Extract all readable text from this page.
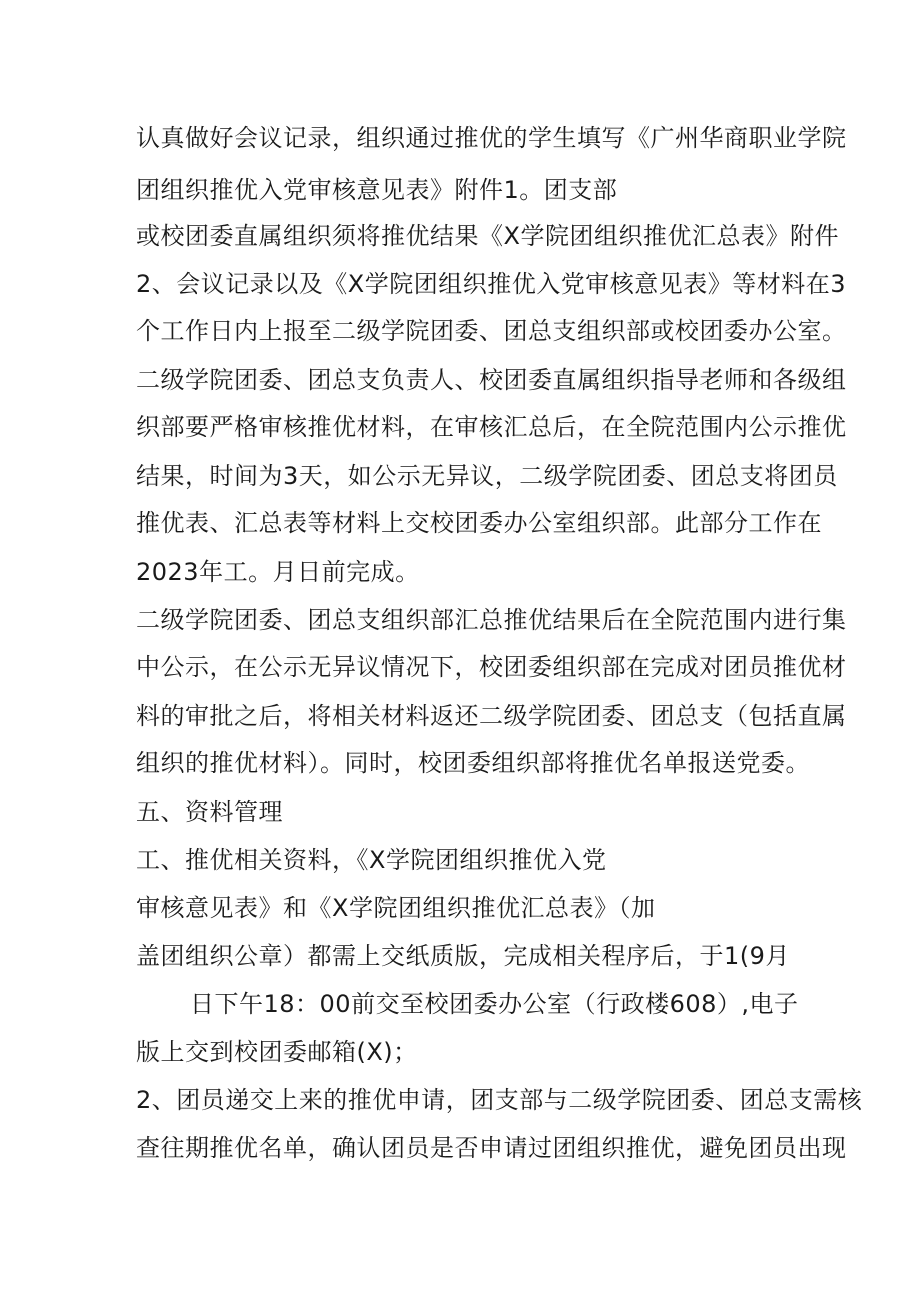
认真做好会议记录，组织通过推优的学生填写《广州华商职业学院
团组织推优入党审核意见表》附件1。团支部
或校团委直属组织须将推优结果《X学院团组织推优汇总表》附件
2、会议记录以及《X学院团组织推优入党审核意见表》等材料在3
个工作日内上报至二级学院团委、团总支组织部或校团委办公室。
二级学院团委、团总支负责人、校团委直属组织指导老师和各级组
织部要严格审核推优材料，在审核汇总后，在全院范围内公示推优
结果，时间为3天，如公示无异议，二级学院团委、团总支将团员
推优表、汇总表等材料上交校团委办公室组织部。此部分工作在
2023年工。月日前完成。
二级学院团委、团总支组织部汇总推优结果后在全院范围内进行集
中公示，在公示无异议情况下，校团委组织部在完成对团员推优材
料的审批之后，将相关材料返还二级学院团委、团总支（包括直属
组织的推优材料）。同时，校团委组织部将推优名单报送党委。
五、资料管理
工、推优相关资料，《X学院团组织推优入党
审核意见表》和《X学院团组织推优汇总表》（加
盖团组织公章）都需上交纸质版，完成相关程序后，于1(9月
日下午18：00前交至校团委办公室（行政楼608）,电子
版上交到校团委邮箱(X)；
2、团员递交上来的推优申请，团支部与二级学院团委、团总支需核
查往期推优名单，确认团员是否申请过团组织推优，避免团员出现
